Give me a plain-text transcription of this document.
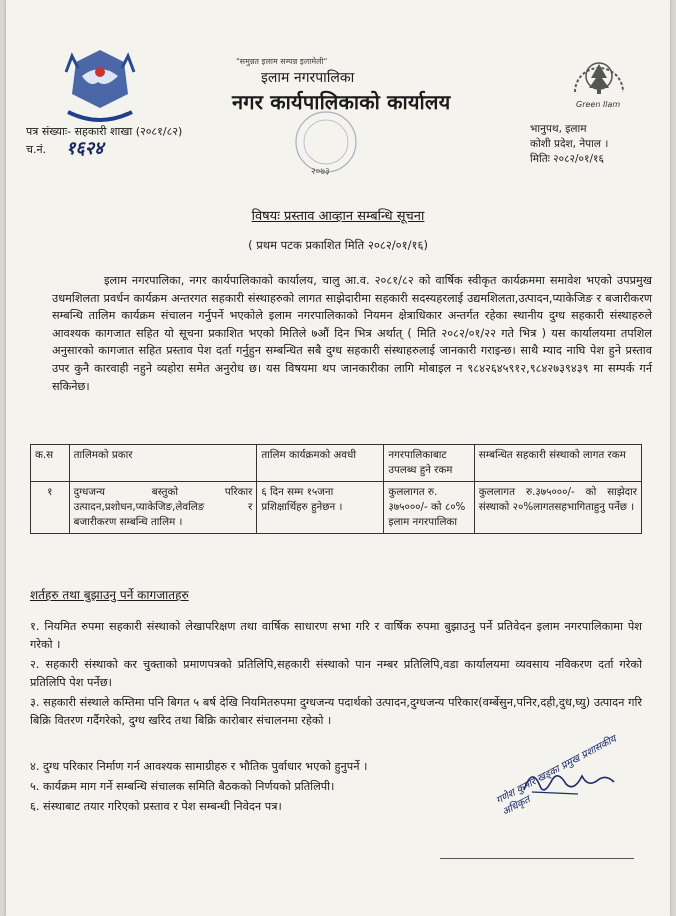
"समुन्नत इलाम सम्पन्न इलामेली"
इलाम नगरपालिका
नगर कार्यपालिकाको कार्यालय	Green Ilam
२०७३
पत्र संख्याः- सहकारी शाखा (२०८१/८२)
च.नं. १६२४
भानुपथ, इलाम
कोशी प्रदेश, नेपाल ।
मितिः २०८२/०१/१६
विषयः प्रस्ताव आव्हान सम्बन्धि सूचना
( प्रथम पटक प्रकाशित मिति २०८२/०१/१६)
इलाम नगरपालिका, नगर कार्यपालिकाको कार्यालय, चालु आ.व. २०८१/८२ को वार्षिक स्वीकृत कार्यक्रममा समावेश भएको उपप्रमुख उधमशिलता प्रवर्धन कार्यक्रम अन्तरगत सहकारी संस्थाहरुको लागत साझेदारीमा सहकारी सदस्यहरलाई उद्यमशिलता,उत्पादन,प्याकेजिङ र बजारीकरण सम्बन्धि तालिम कार्यक्रम संचालन गर्नुपर्ने भएकोले इलाम नगरपालिकाको नियमन क्षेत्राधिकार अन्तर्गत रहेका स्थानीय दुग्ध सहकारी संस्थाहरुले आवश्यक कागजात सहित यो सूचना प्रकाशित भएको मितिले ७औं दिन भित्र अर्थात् ( मिति २०८२/०१/२२ गते भित्र ) यस कार्यालयमा तपशिल अनुसारको कागजात सहित प्रस्ताव पेश दर्ता गर्नुहुन सम्बन्धित सबै दुग्ध सहकारी संस्थाहरुलाई जानकारी गराइन्छ। साथै म्याद नाघि पेश हुने प्रस्ताव उपर कुनै कारवाही नहुने व्यहोरा समेत अनुरोध छ। यस विषयमा थप जानकारीका लागि मोबाइल न ९८४२६४५९१२,९८४२७३९४३९ मा सम्पर्क गर्न सकिनेछ।
क.स	तालिमको प्रकार	तालिम कार्यक्रमको अवधी	नगरपालिकाबाट उपलब्ध हुने रकम	सम्बन्धित सहकारी संस्थाको लागत रकम
१	दुग्धजन्य बस्तुको परिकार उत्पादन,प्रशोधन,प्याकेजिङ,लेवलिङ र बजारीकरण सम्बन्धि तालिम ।	६ दिन सम्म १५जना प्रशिक्षार्थिहरु हुनेछन ।	कुललागत रु. ३७५०००/- को ८०% इलाम नगरपालिका	कुललागत रु.३७५०००/- को साझेदार संस्थाको २०%लागतसहभागिताहुनु पर्नेछ ।
शर्तहरु तथा बुझाउनु पर्ने कागजातहरु
१. नियमित रुपमा सहकारी संस्थाको लेखापरिक्षण तथा वार्षिक साधारण सभा गरि र वार्षिक रुपमा बुझाउनु पर्ने प्रतिवेदन इलाम नगरपालिकामा पेश गरेको ।
२. सहकारी संस्थाको कर चुक्ताको प्रमाणपत्रको प्रतिलिपि,सहकारी संस्थाको पान नम्बर प्रतिलिपि,वडा कार्यालयमा व्यवसाय नविकरण दर्ता गरेको प्रतिलिपि पेश पर्नेछ।
३. सहकारी संस्थाले कम्तिमा पनि बिगत ५ बर्ष देखि नियमितरुपमा दुग्धजन्य पदार्थको उत्पादन,दुग्धजन्य परिकार(वर्म्बेसुन,पनिर,दही,दुध,घ्यु) उत्पादन गरि बिक्रि वितरण गर्दैगरेको, दुग्ध खरिद तथा बिक्रि कारोबार संचालनमा रहेको ।
४. दुग्ध परिकार निर्माण गर्न आवश्यक सामाग्रीहरु र भौतिक पुर्वाधार भएको हुनुपर्ने ।
५. कार्यक्रम माग गर्ने सम्बन्धि संचालक समिति बैठकको निर्णयको प्रतिलिपी।
६. संस्थाबाट तयार गरिएको प्रस्ताव र पेश सम्बन्धी निवेदन पत्र।	गणेश कुमार खड्का प्रमुख प्रशासकीय अधिकृत
